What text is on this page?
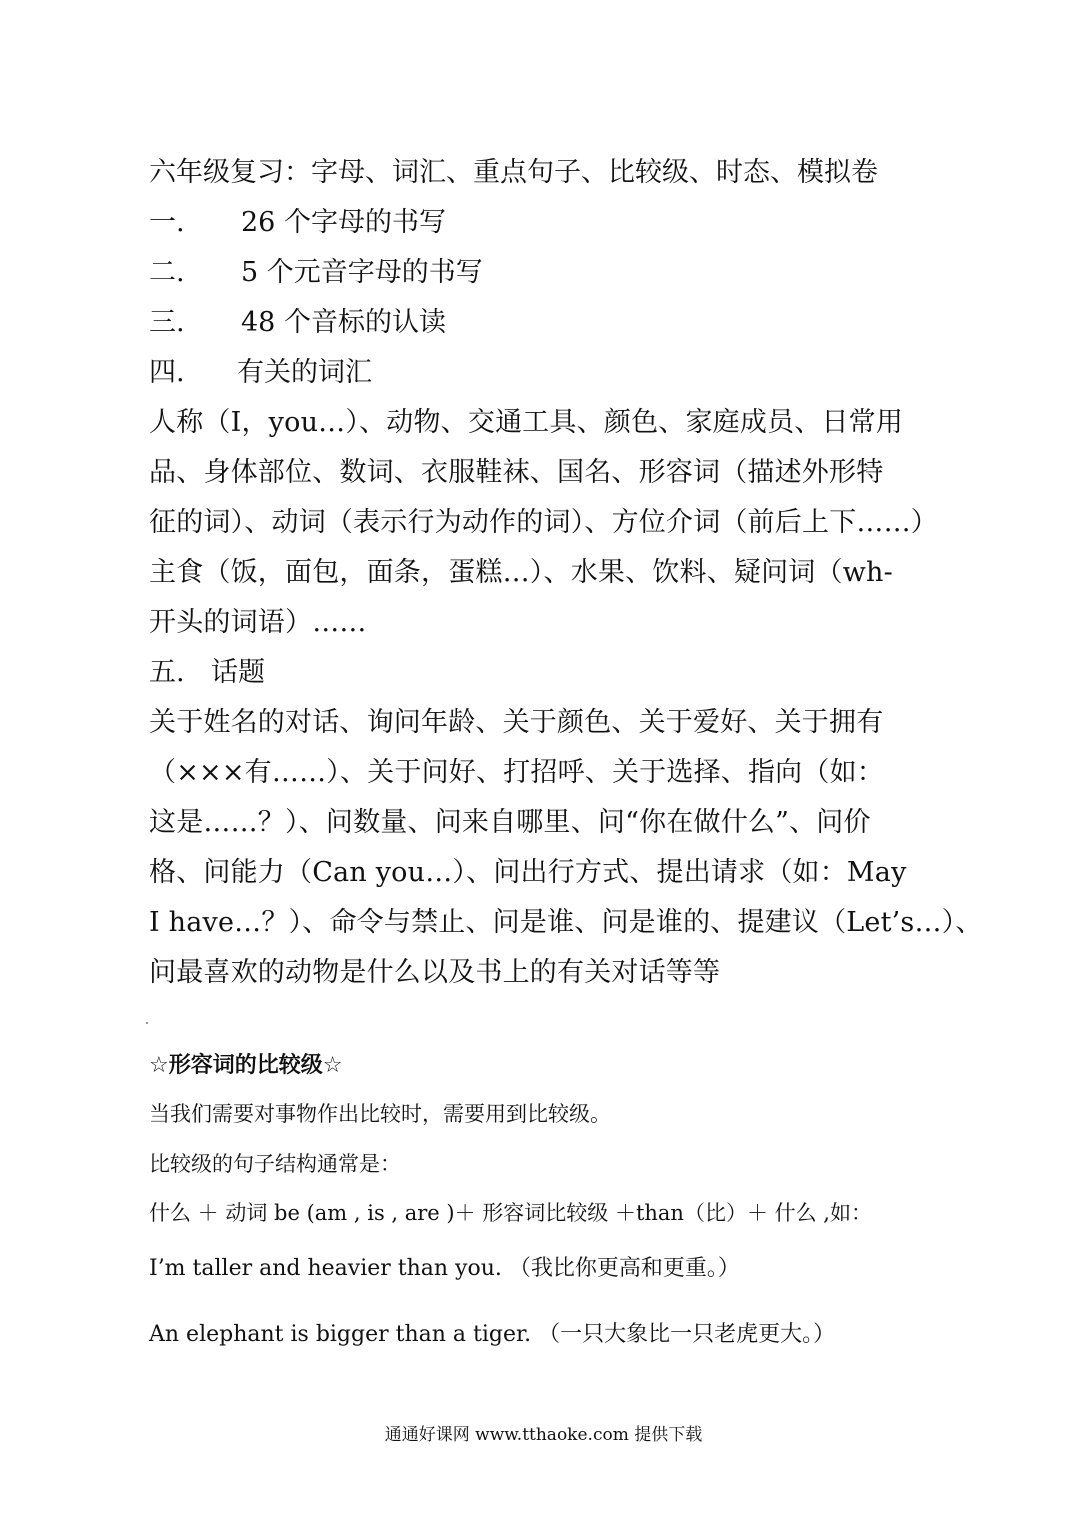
六年级复习：字母、词汇、重点句子、比较级、时态、模拟卷
一. 26 个字母的书写
二. 5 个元音字母的书写
三. 48 个音标的认读
四. 有关的词汇
人称（I，you…）、动物、交通工具、颜色、家庭成员、日常用
品、身体部位、数词、衣服鞋袜、国名、形容词（描述外形特
征的词）、动词（表示行为动作的词）、方位介词（前后上下……）
主食（饭，面包，面条，蛋糕…）、水果、饮料、疑问词（wh-
开头的词语）……
五. 话题
关于姓名的对话、询问年龄、关于颜色、关于爱好、关于拥有
（×××有……）、关于问好、打招呼、关于选择、指向（如：
这是……？）、问数量、问来自哪里、问“你在做什么”、问价
格、问能力（Can you…）、问出行方式、提出请求（如：May
I have…？）、命令与禁止、问是谁、问是谁的、提建议（Let’s…）、
问最喜欢的动物是什么以及书上的有关对话等等
☆形容词的比较级☆
当我们需要对事物作出比较时，需要用到比较级。
比较级的句子结构通常是：
什么 ＋ 动词 be (am , is , are )＋ 形容词比较级 ＋than（比）＋ 什么 ,如：
I’m taller and heavier than you. （我比你更高和更重。）
An elephant is bigger than a tiger. （一只大象比一只老虎更大。）
通通好课网 www.tthaoke.com 提供下载
